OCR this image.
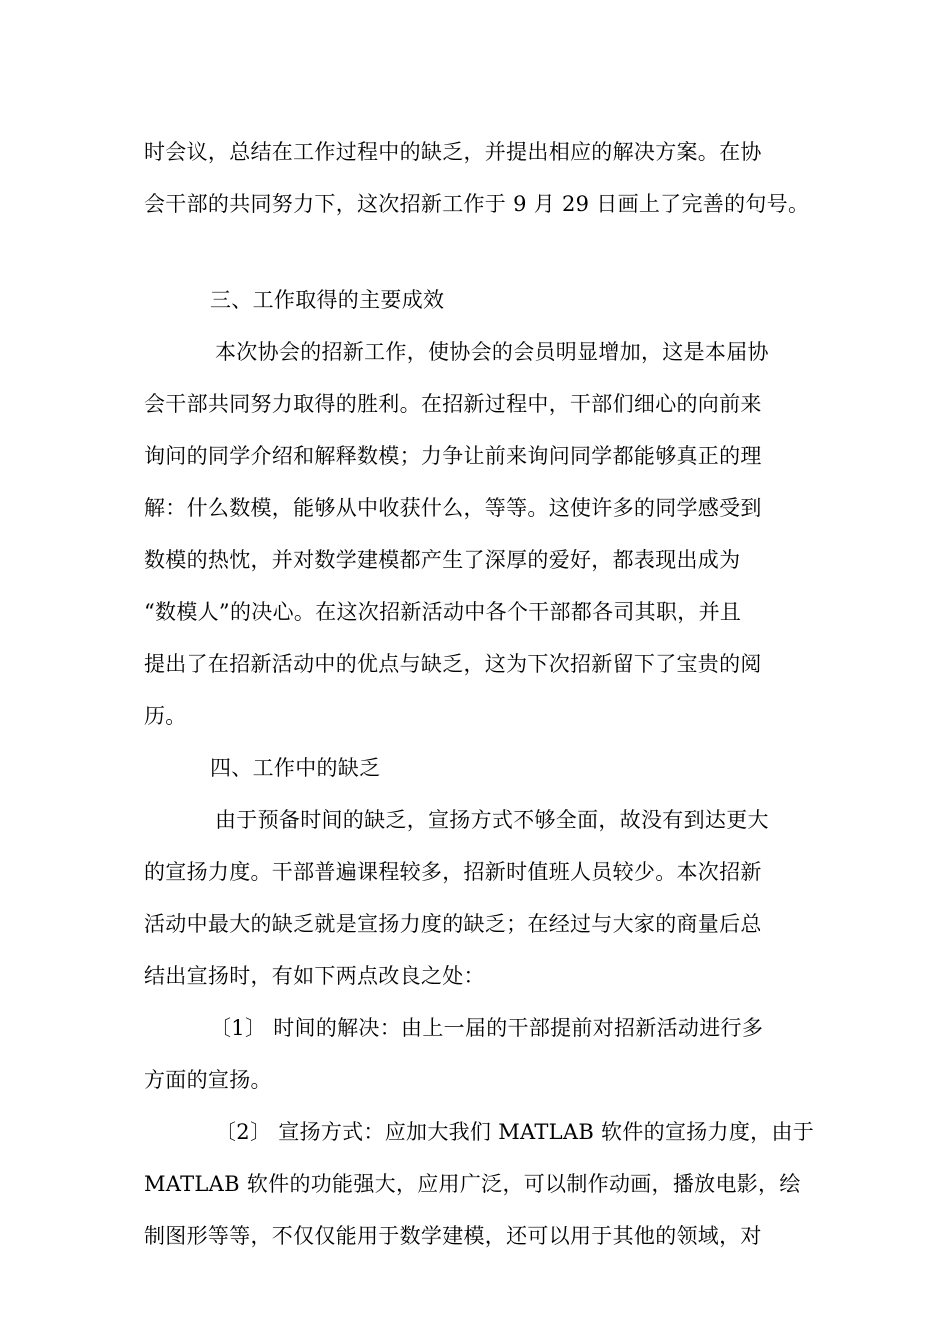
时会议，总结在工作过程中的缺乏，并提出相应的解决方案。在协
会干部的共同努力下，这次招新工作于 9 月 29 日画上了完善的句号。
三、工作取得的主要成效
本次协会的招新工作，使协会的会员明显增加，这是本届协
会干部共同努力取得的胜利。在招新过程中，干部们细心的向前来
询问的同学介绍和解释数模；力争让前来询问同学都能够真正的理
解：什么数模，能够从中收获什么，等等。这使许多的同学感受到
数模的热忱，并对数学建模都产生了深厚的爱好，都表现出成为
“数模人”的决心。在这次招新活动中各个干部都各司其职，并且
提出了在招新活动中的优点与缺乏，这为下次招新留下了宝贵的阅
历。
四、工作中的缺乏
由于预备时间的缺乏，宣扬方式不够全面，故没有到达更大
的宣扬力度。干部普遍课程较多，招新时值班人员较少。本次招新
活动中最大的缺乏就是宣扬力度的缺乏；在经过与大家的商量后总
结出宣扬时，有如下两点改良之处：
〔1〕 时间的解决：由上一届的干部提前对招新活动进行多
方面的宣扬。
〔2〕 宣扬方式：应加大我们 MATLAB 软件的宣扬力度，由于
MATLAB 软件的功能强大，应用广泛，可以制作动画，播放电影，绘
制图形等等，不仅仅能用于数学建模，还可以用于其他的领域，对
